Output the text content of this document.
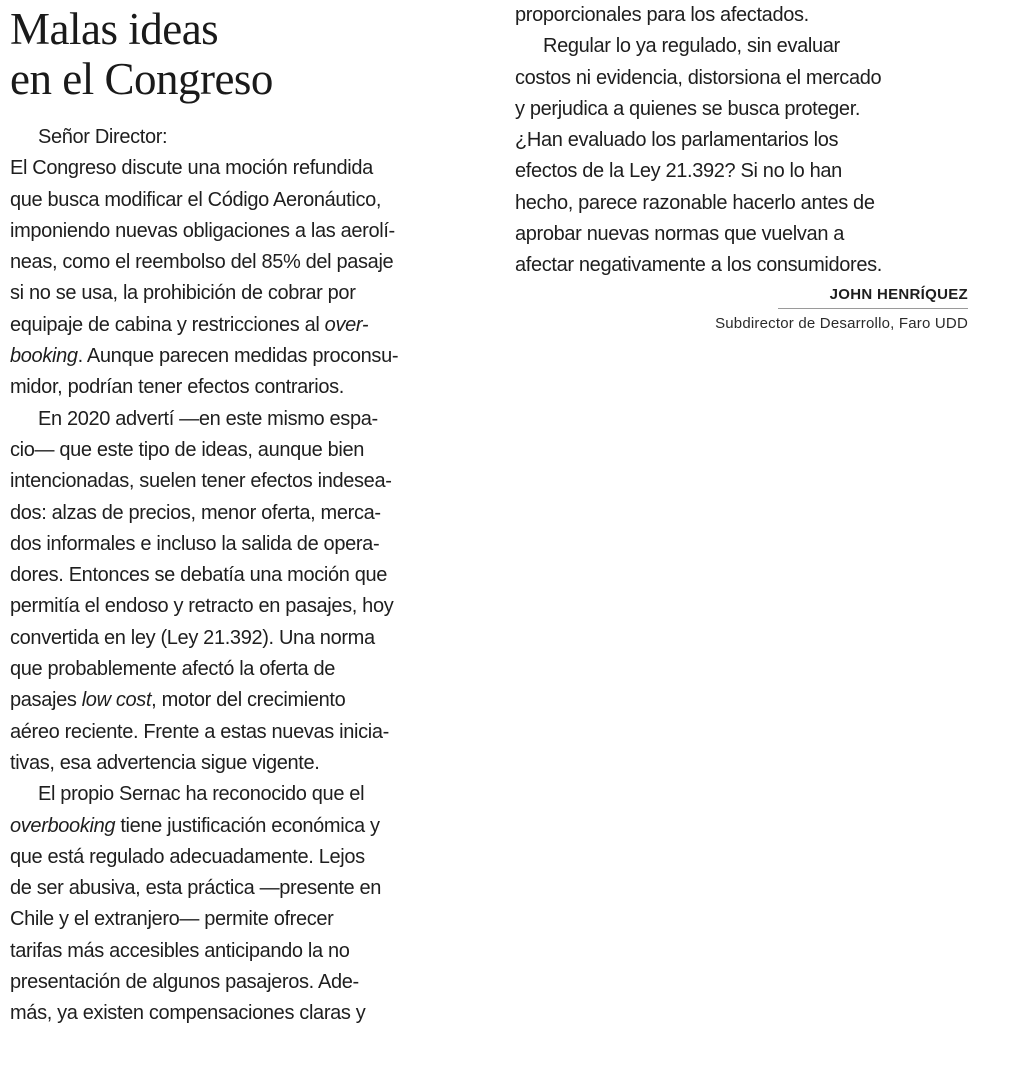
Malas ideas
en el Congreso
Señor Director:
El Congreso discute una moción refundida
que busca modificar el Código Aeronáutico,
imponiendo nuevas obligaciones a las aerolí-
neas, como el reembolso del 85% del pasaje
si no se usa, la prohibición de cobrar por
equipaje de cabina y restricciones al over-
booking. Aunque parecen medidas proconsu-
midor, podrían tener efectos contrarios.
En 2020 advertí —en este mismo espa-
cio— que este tipo de ideas, aunque bien
intencionadas, suelen tener efectos indesea-
dos: alzas de precios, menor oferta, merca-
dos informales e incluso la salida de opera-
dores. Entonces se debatía una moción que
permitía el endoso y retracto en pasajes, hoy
convertida en ley (Ley 21.392). Una norma
que probablemente afectó la oferta de
pasajes low cost, motor del crecimiento
aéreo reciente. Frente a estas nuevas inicia-
tivas, esa advertencia sigue vigente.
El propio Sernac ha reconocido que el
overbooking tiene justificación económica y
que está regulado adecuadamente. Lejos
de ser abusiva, esta práctica —presente en
Chile y el extranjero— permite ofrecer
tarifas más accesibles anticipando la no
presentación de algunos pasajeros. Ade-
más, ya existen compensaciones claras y
proporcionales para los afectados.
Regular lo ya regulado, sin evaluar
costos ni evidencia, distorsiona el mercado
y perjudica a quienes se busca proteger.
¿Han evaluado los parlamentarios los
efectos de la Ley 21.392? Si no lo han
hecho, parece razonable hacerlo antes de
aprobar nuevas normas que vuelvan a
afectar negativamente a los consumidores.
JOHN HENRÍQUEZ
Subdirector de Desarrollo, Faro UDD
